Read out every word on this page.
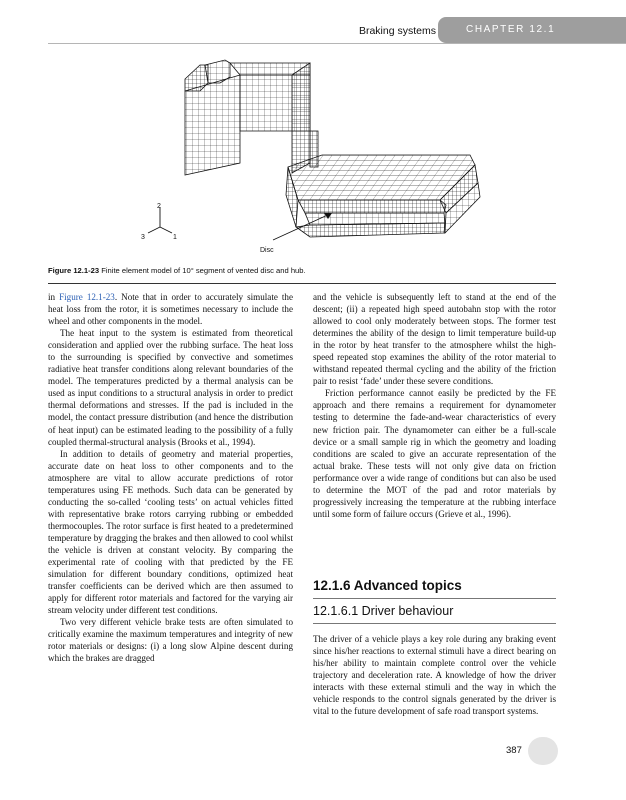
Braking systems	CHAPTER 12.1
2
3	1
Disc
Figure 12.1-23 Finite element model of 10° segment of vented disc and hub.

in Figure 12.1-23. Note that in order to accurately simulate the heat loss from the rotor, it is sometimes necessary to include the wheel and other components in the model.

The heat input to the system is estimated from theoretical consideration and applied over the rubbing surface. The heat loss to the surrounding is specified by convective and sometimes radiative heat transfer conditions along relevant boundaries of the model. The temperatures predicted by a thermal analysis can be used as input conditions to a structural analysis in order to predict thermal deformations and stresses. If the pad is included in the model, the contact pressure distribution (and hence the distribution of heat input) can be estimated leading to the possibility of a fully coupled thermal-structural analysis (Brooks et al., 1994).

In addition to details of geometry and material properties, accurate date on heat loss to other components and to the atmosphere are vital to allow accurate predictions of rotor temperatures using FE methods. Such data can be generated by conducting the so-called ‘cooling tests’ on actual vehicles fitted with representative brake rotors carrying rubbing or embedded thermocouples. The rotor surface is first heated to a predetermined temperature by dragging the brakes and then allowed to cool whilst the vehicle is driven at constant velocity. By comparing the experimental rate of cooling with that predicted by the FE simulation for different boundary conditions, optimized heat transfer coefficients can be derived which are then assumed to apply for different rotor materials and factored for the varying air stream velocity under different test conditions.

Two very different vehicle brake tests are often simulated to critically examine the maximum temperatures and integrity of new rotor materials or designs: (i) a long slow Alpine descent during which the brakes are dragged

and the vehicle is subsequently left to stand at the end of the descent; (ii) a repeated high speed autobahn stop with the rotor allowed to cool only moderately between stops. The former test determines the ability of the design to limit temperature build-up in the rotor by heat transfer to the atmosphere whilst the high-speed repeated stop examines the ability of the rotor material to withstand repeated thermal cycling and the ability of the friction pair to resist ‘fade’ under these severe conditions.

Friction performance cannot easily be predicted by the FE approach and there remains a requirement for dynamometer testing to determine the fade-and-wear characteristics of every new friction pair. The dynamometer can either be a full-scale device or a small sample rig in which the geometry and loading conditions are scaled to give an accurate representation of the actual brake. These tests will not only give data on friction performance over a wide range of conditions but can also be used to determine the MOT of the pad and rotor materials by progressively increasing the temperature at the rubbing interface until some form of failure occurs (Grieve et al., 1996).

12.1.6 Advanced topics
12.1.6.1 Driver behaviour

The driver of a vehicle plays a key role during any braking event since his/her reactions to external stimuli have a direct bearing on his/her ability to maintain complete control over the vehicle trajectory and deceleration rate. A knowledge of how the driver interacts with these external stimuli and the way in which the vehicle responds to the control signals generated by the driver is vital to the future development of safe road transport systems.

387
